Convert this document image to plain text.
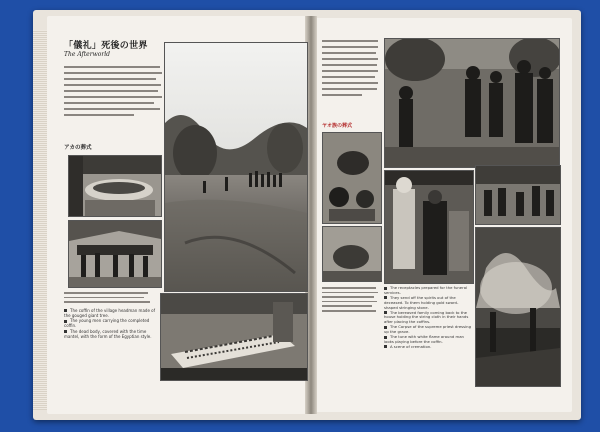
「儀礼」死後の世界
The Afterworld
アカの葬式
The coffin of the village headman made of the gouged giant tree.
The young men carrying the completed coffin.
The dead body, covered with the time mantel, with the form of the Egyptian style.
ヤオ族の葬式
The receptacles prepared for the funeral services.
They send off the spirits out of the deceased. To them holding gold sword-shaped stringing stone.
The bereaved family coming back to the house holding the string cloth in their hands after placing the coffins.
The Corpse of the supreme priest dressing up the grave.
The tune with white flame around man looks playing before the coffin.
A scene of cremation.
